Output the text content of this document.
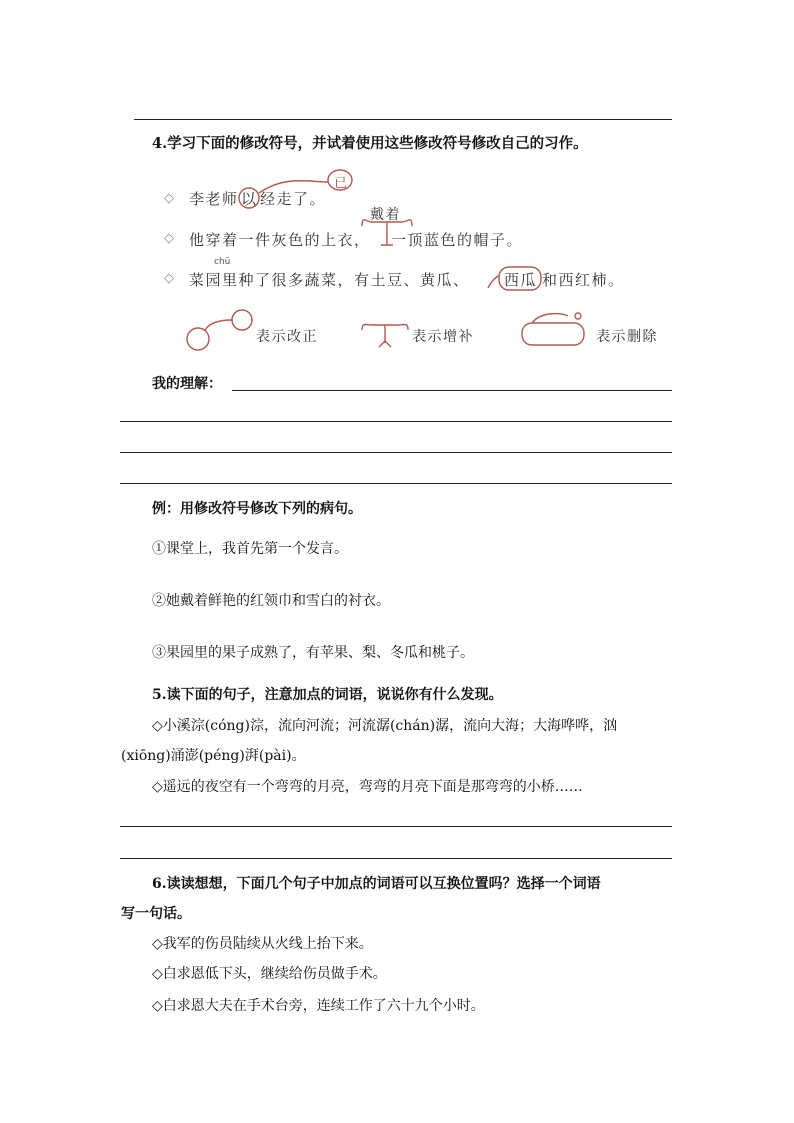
4.学习下面的修改符号，并试着使用这些修改符号修改自己的习作。
◇ 李老师 以 经走了。
已
◇ 他穿着一件灰色的上衣，
戴着
一顶蓝色的帽子。
◇ 菜园里种了很多蔬菜，有土豆、黄瓜、 西瓜 和西红柿。
chū
表示改正	表示增补	表示删除
我的理解：
例：用修改符号修改下列的病句。
①课堂上，我首先第一个发言。
②她戴着鲜艳的红领巾和雪白的衬衣。
③果园里的果子成熟了，有苹果、梨、冬瓜和桃子。
5.读下面的句子，注意加点的词语，说说你有什么发现。
◇小溪淙(cóng)淙，流向河流；河流潺(chán)潺，流向大海；大海哗哗，汹
(xiōng)涌澎(péng)湃(pài)。
◇遥远的夜空有一个弯弯的月亮，弯弯的月亮下面是那弯弯的小桥……
6.读读想想，下面几个句子中加点的词语可以互换位置吗？选择一个词语
写一句话。
◇我军的伤员陆续从火线上抬下来。
◇白求恩低下头，继续给伤员做手术。
◇白求恩大夫在手术台旁，连续工作了六十九个小时。
